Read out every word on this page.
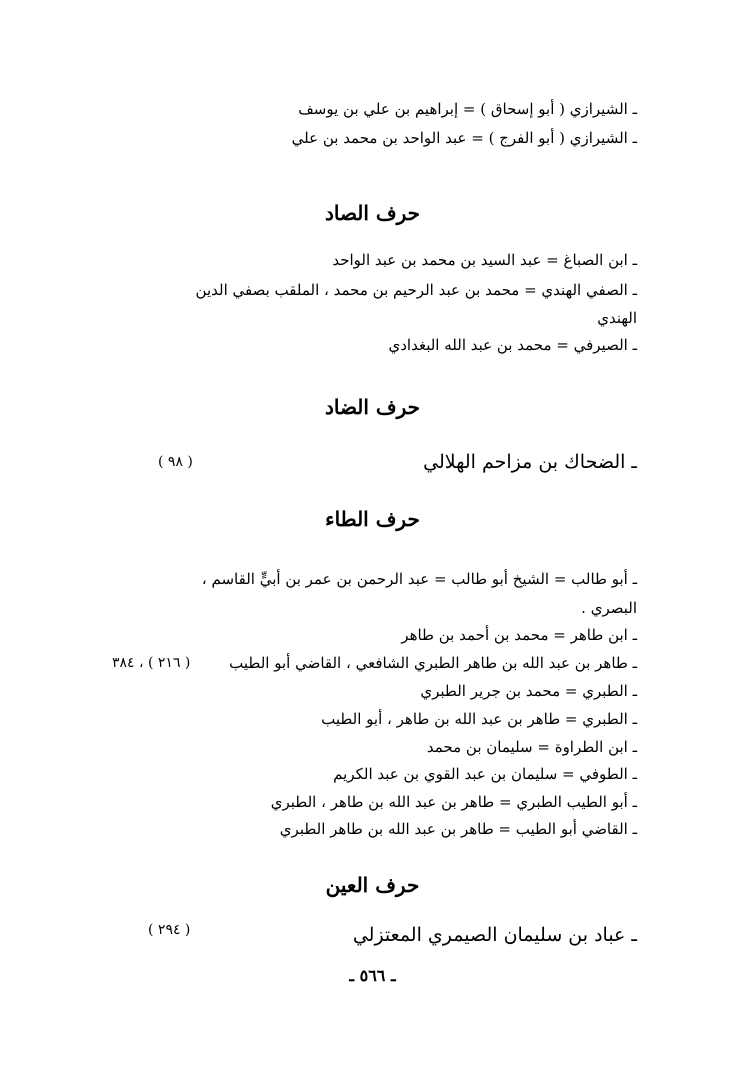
ـ الشيرازي ( أبو إسحاق ) = إبراهيم بن علي بن يوسف
ـ الشيرازي ( أبو الفرج ) = عبد الواحد بن محمد بن علي
حرف الصاد
ـ ابن الصباغ = عبد السيد بن محمد بن عبد الواحد
ـ الصفي الهندي = محمد بن عبد الرحيم بن محمد ، الملقب بصفي الدين
الهندي
ـ الصيرفي = محمد بن عبد الله البغدادي
حرف الضاد
ـ الضحاك بن مزاحم الهلالي
( ٩٨ )
حرف الطاء
ـ أبو طالب = الشيخ أبو طالب = عبد الرحمن بن عمر بن أبيٍّ القاسم ،
البصري .
ـ ابن طاهر = محمد بن أحمد بن طاهر
ـ طاهر بن عبد الله بن طاهر الطبري الشافعي ، القاضي أبو الطيب
( ٢١٦ ) ، ٣٨٤
ـ الطبري = محمد بن جرير الطبري
ـ الطبري = طاهر بن عبد الله بن طاهر ، أبو الطيب
ـ ابن الطراوة = سليمان بن محمد
ـ الطوفي = سليمان بن عبد القوي بن عبد الكريم
ـ أبو الطيب الطبري = طاهر بن عبد الله بن طاهر ، الطبري
ـ القاضي أبو الطيب = طاهر بن عبد الله بن طاهر الطبري
حرف العين
ـ عباد بن سليمان الصيمري المعتزلي
( ٢٩٤ )
ـ ٥٦٦ ـ
